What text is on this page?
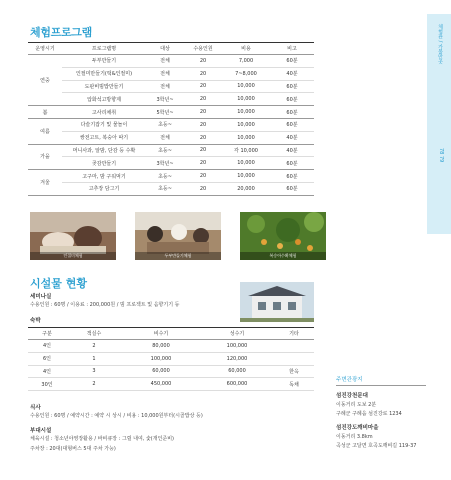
체험관 / 가볼만곳
78 79
체험프로그램
운영시기	프로그램명	대상	수용인원	비용	비고
연중	두부만들기	전체	20	7,000	60분
	인절미만들기(떡&인절미)	전체	20	7~8,000	40분
	도판비빔밥만들기	전체	20	10,000	60분
	압화석고방향제	3학년~	20	10,000	60분
봄	고사리채취	5학년~	20	10,000	60분
여름	다슬기잡기 및 물놀이	초등~	20	10,000	60분
	쌍전고트, 복숭아 따기	전체	20	10,000	40분
가을	머니사과, 알밤, 단감 등 수확	초등~	20	각 10,000	40분
	곶감만들기	3학년~	20	10,000	60분
겨울	고구마, 밤 구워먹기	초등~	20	10,000	60분
	고추장 담그기	초등~	20	20,000	60분
인절미체험	두부만들기체험	복숭아수확체험
시설물 현황
세미나실
수용인원 : 60명 / 이용료 : 200,000원 / 빔 프로젝트 및 음향기기 등
숙박
구분	객실수	비수기	성수기	기타
4인	2	80,000	100,000	
6인	1	100,000	120,000	
4인	3	60,000	60,000	한옥
30인	2	450,000	600,000	독채
식사
수용인원 : 60명 / 예약시간 : 예약 시 상시 / 비용 : 10,000원부터(시골밥상 등)
부대시설
체육시설 : 청소년야영장활용 / 바비큐장 : 그릴 내여, 숯(개인준비)
주차장 : 20대(대형버스 5대 주차 가능)
주변관광지
섬진강천문대
이동거리 도보 2분
구례군 구례읍 섬진강로 1234
섬진강도깨비마을
이동거리 3.8km
곡성군 고달면 호곡도깨비길 119-37
